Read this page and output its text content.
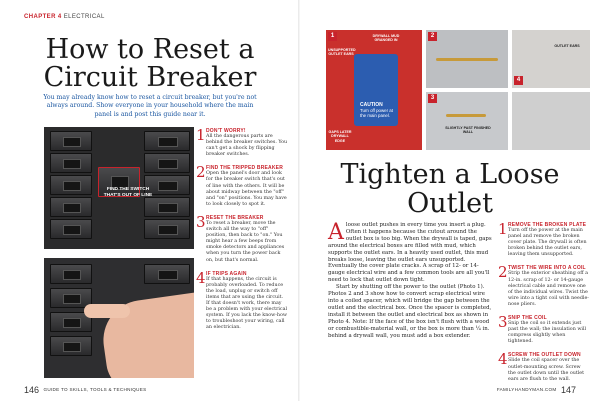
CHAPTER 4 ELECTRICAL
How to Reset a Circuit Breaker
You may already know how to reset a circuit breaker, but you're not always around. Show everyone in your household where the main panel is and post this guide near it.
FIND THE SWITCH THAT'S OUT OF LINE
1 DON'T WORRY!
All the dangerous parts are behind the breaker switches. You can't get a shock by flipping breaker switches.
2 FIND THE TRIPPED BREAKER
Open the panel's door and look for the breaker switch that's out of line with the others. It will be about midway between the "off" and "on" positions. You may have to look closely to spot it.
3 RESET THE BREAKER
To reset a breaker, move the switch all the way to "off" position, then back to "on." You might hear a few beeps from smoke detectors and appliances when you turn the power back on, but that's normal.
4 IF TRIPS AGAIN
If that happens, the circuit is probably overloaded. To reduce the load, unplug or switch off items that are using the circuit. If that doesn't work, there may be a problem with your electrical system. If you lack the know-how to troubleshoot your wiring, call an electrician.
146 $^{GUIDE TO SKILLS, TOOLS \& TECHNIQUES}$
1
UNSUPPORTED OUTLET EARS
DRYWALL MUD GRANGED IN
CAUTION
Turn off power at the main panel.
GAPS LATER DRYWALL EDGE
2
OUTLET EARS
4
3
SLIGHTLY PAST FINISHED WALL
Tighten a Loose Outlet
A loose outlet pushes in every time you insert a plug. Often it happens because the cutout around the outlet box is too big. When the drywall is taped, gaps around the electrical boxes are filled with mud, which supports the outlet ears. In a heavily used outlet, this mud breaks loose, leaving the outlet ears unsupported. Eventually the cover plate cracks. A scrap of 12- or 14-gauge electrical wire and a few common tools are all you'll need to lock that outlet down tight.

Start by shutting off the power to the outlet (Photo 1). Photos 2 and 3 show how to convert scrap electrical wire into a coiled spacer, which will bridge the gap between the outlet and the electrical box. Once the spacer is completed, install it between the outlet and electrical box as shown in Photo 4. Note: If the face of the box isn't flush with a wood or combustible-material wall, or the box is more than ¼ in. behind a drywall wall, you must add a box extender.

1 REMOVE THE BROKEN PLATE
Turn off the power at the main panel and remove the broken cover plate. The drywall is often broken behind the outlet ears, leaving them unsupported.
2 TWIST THE WIRE INTO A COIL
Strip the exterior sheathing off a 12-in. scrap of 12- or 14-gauge electrical cable and remove one of the individual wires. Twist the wire into a tight coil with needle-nose pliers.
3 SNIP THE COIL
Snip the coil so it extends just past the wall; the insulation will compress slightly when tightened.
4 SCREW THE OUTLET DOWN
Slide the coil spacer over the outlet-mounting screw. Screw the outlet down until the outlet ears are flush to the wall.
$^{FAMILYHANDYMAN.COM}$ 147
